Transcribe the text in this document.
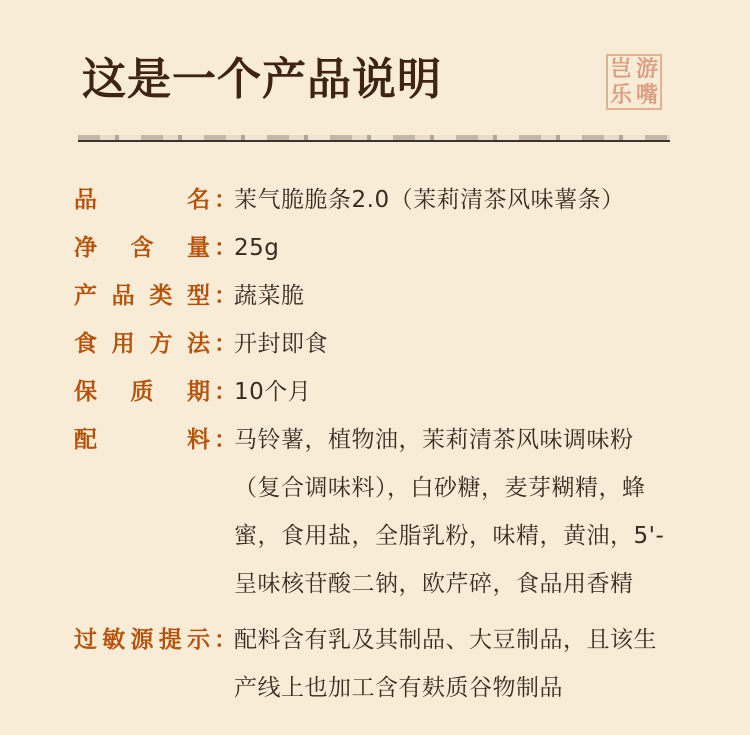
这是一个产品说明	岂 游
乐 嘴
品名 ：
茉气脆脆条2.0（茉莉清茶风味薯条）
净含量 ：
25g
产品类型 ：
蔬菜脆
食用方法 ：
开封即食
保质期 ：
10个月
配料 ：
马铃薯，植物油，茉莉清茶风味调味粉（复合调味料），白砂糖，麦芽糊精，蜂蜜，食用盐，全脂乳粉，味精，黄油，5'-呈味核苷酸二钠，欧芹碎，食品用香精
过敏源提示 ：
配料含有乳及其制品、大豆制品，且该生产线上也加工含有麸质谷物制品
